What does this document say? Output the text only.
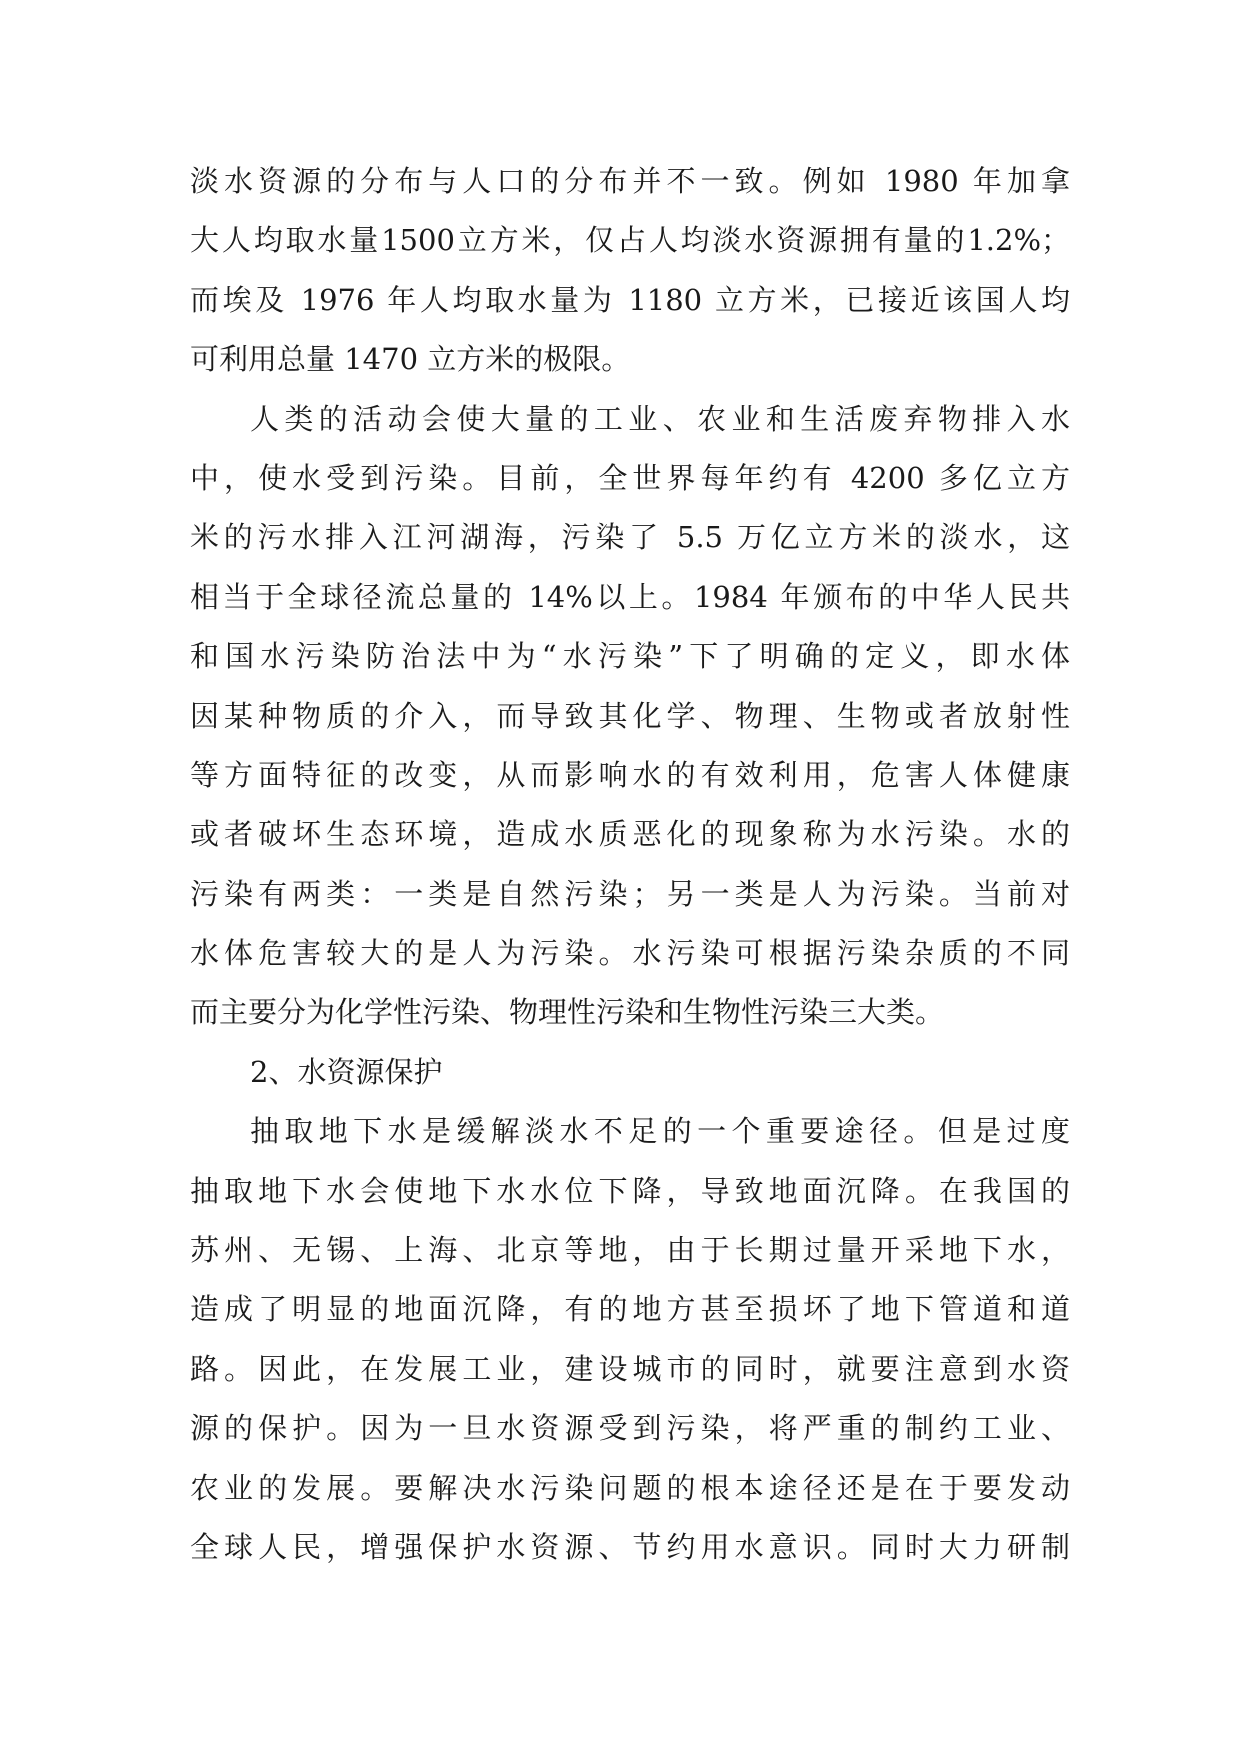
淡水资源的分布与人口的分布并不一致。例如 1980 年加拿
大人均取水量1500立方米，仅占人均淡水资源拥有量的1.2%；
而埃及 1976 年人均取水量为 1180 立方米，已接近该国人均
可利用总量 1470 立方米的极限。
人类的活动会使大量的工业、农业和生活废弃物排入水
中，使水受到污染。目前，全世界每年约有 4200 多亿立方
米的污水排入江河湖海，污染了 5.5 万亿立方米的淡水，这
相当于全球径流总量的 14%以上。1984 年颁布的中华人民共
和国水污染防治法中为“水污染”下了明确的定义，即水体
因某种物质的介入，而导致其化学、物理、生物或者放射性
等方面特征的改变，从而影响水的有效利用，危害人体健康
或者破坏生态环境，造成水质恶化的现象称为水污染。水的
污染有两类：一类是自然污染；另一类是人为污染。当前对
水体危害较大的是人为污染。水污染可根据污染杂质的不同
而主要分为化学性污染、物理性污染和生物性污染三大类。
2、水资源保护
抽取地下水是缓解淡水不足的一个重要途径。但是过度
抽取地下水会使地下水水位下降，导致地面沉降。在我国的
苏州、无锡、上海、北京等地，由于长期过量开采地下水，
造成了明显的地面沉降，有的地方甚至损坏了地下管道和道
路。因此，在发展工业，建设城市的同时，就要注意到水资
源的保护。因为一旦水资源受到污染，将严重的制约工业、
农业的发展。要解决水污染问题的根本途径还是在于要发动
全球人民，增强保护水资源、节约用水意识。同时大力研制
